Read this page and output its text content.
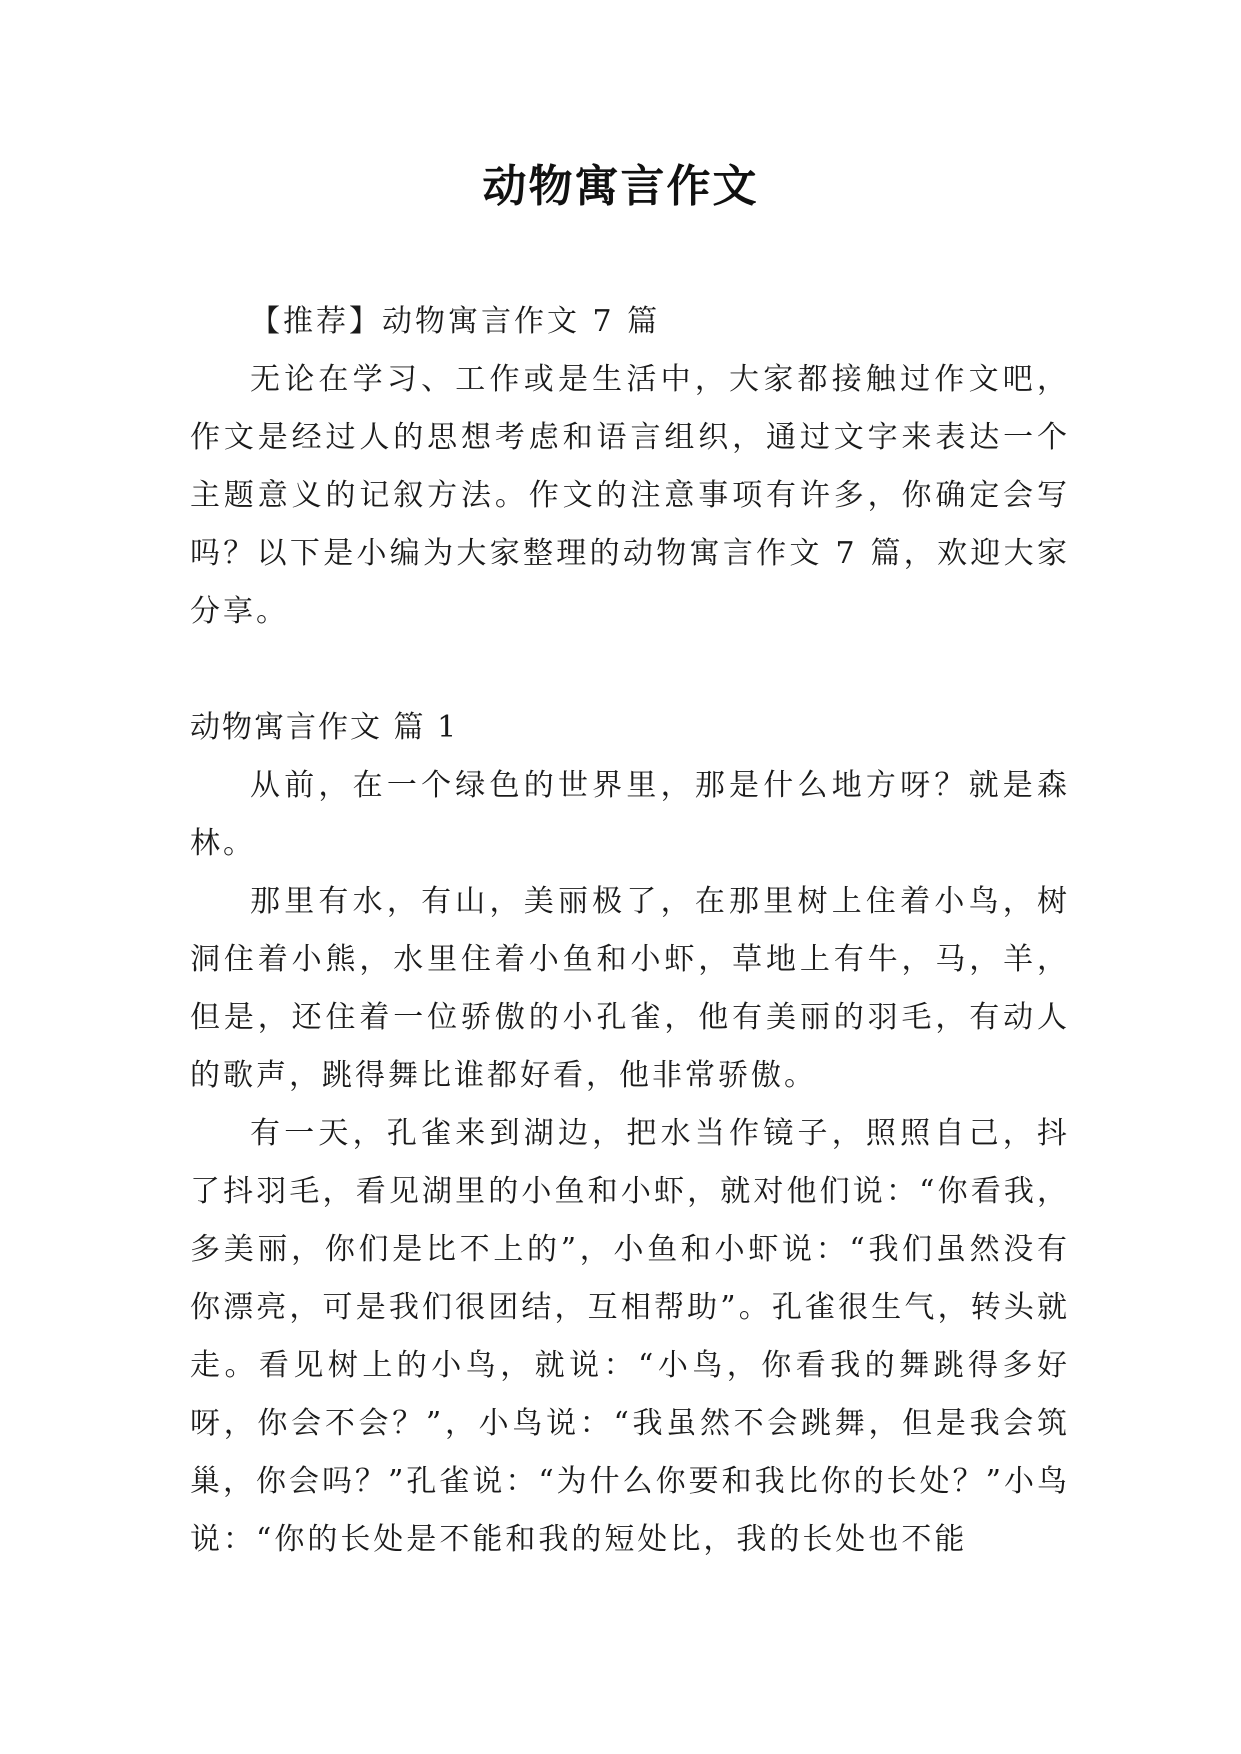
动物寓言作文

【推荐】动物寓言作文 7 篇

无论在学习、工作或是生活中，大家都接触过作文吧，作文是经过人的思想考虑和语言组织，通过文字来表达一个主题意义的记叙方法。作文的注意事项有许多，你确定会写吗？以下是小编为大家整理的动物寓言作文 7 篇，欢迎大家分享。

动物寓言作文 篇 1

从前，在一个绿色的世界里，那是什么地方呀？就是森林。

那里有水，有山，美丽极了，在那里树上住着小鸟，树洞住着小熊，水里住着小鱼和小虾，草地上有牛，马，羊，但是，还住着一位骄傲的小孔雀，他有美丽的羽毛，有动人的歌声，跳得舞比谁都好看，他非常骄傲。

有一天，孔雀来到湖边，把水当作镜子，照照自己，抖了抖羽毛，看见湖里的小鱼和小虾，就对他们说：“你看我，多美丽，你们是比不上的”，小鱼和小虾说：“我们虽然没有你漂亮，可是我们很团结，互相帮助”。孔雀很生气，转头就走。看见树上的小鸟，就说：“小鸟，你看我的舞跳得多好呀，你会不会？”，小鸟说：“我虽然不会跳舞，但是我会筑巢，你会吗？”孔雀说：“为什么你要和我比你的长处？”小鸟说：“你的长处是不能和我的短处比，我的长处也不能
